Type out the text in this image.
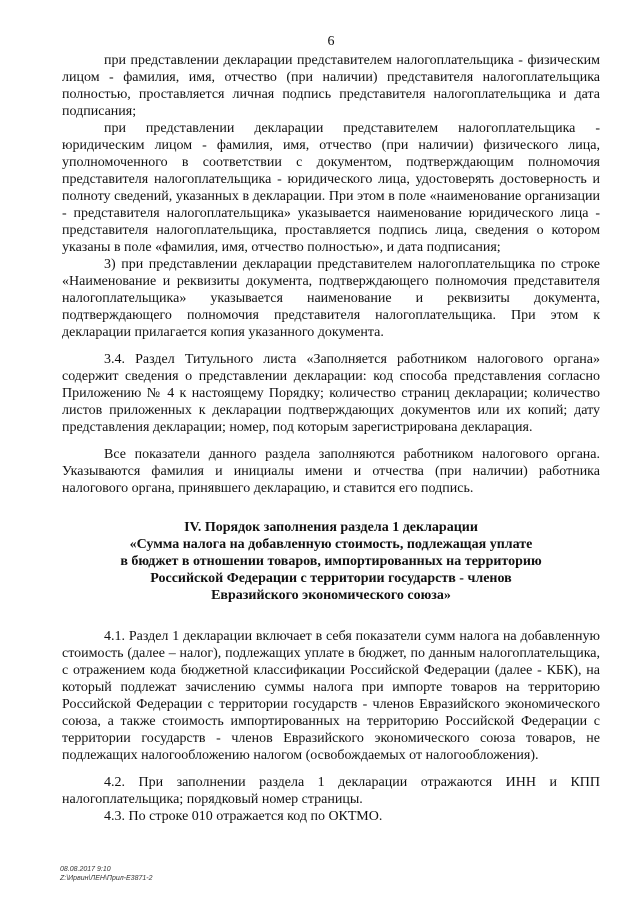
6

при представлении декларации представителем налогоплательщика - физическим лицом - фамилия, имя, отчество (при наличии) представителя налогоплательщика полностью, проставляется личная подпись представителя налогоплательщика и дата подписания;

при представлении декларации представителем налогоплательщика - юридическим лицом - фамилия, имя, отчество (при наличии) физического лица, уполномоченного в соответствии с документом, подтверждающим полномочия представителя налогоплательщика - юридического лица, удостоверять достоверность и полноту сведений, указанных в декларации. При этом в поле «наименование организации - представителя налогоплательщика» указывается наименование юридического лица - представителя налогоплательщика, проставляется подпись лица, сведения о котором указаны в поле «фамилия, имя, отчество полностью», и дата подписания;

3) при представлении декларации представителем налогоплательщика по строке «Наименование и реквизиты документа, подтверждающего полномочия представителя налогоплательщика» указывается наименование и реквизиты документа, подтверждающего полномочия представителя налогоплательщика. При этом к декларации прилагается копия указанного документа.

3.4. Раздел Титульного листа «Заполняется работником налогового органа» содержит сведения о представлении декларации: код способа представления согласно Приложению № 4 к настоящему Порядку; количество страниц декларации; количество листов приложенных к декларации подтверждающих документов или их копий; дату представления декларации; номер, под которым зарегистрирована декларация.

Все показатели данного раздела заполняются работником налогового органа. Указываются фамилия и инициалы имени и отчества (при наличии) работника налогового органа, принявшего декларацию, и ставится его подпись.

IV. Порядок заполнения раздела 1 декларации
«Сумма налога на добавленную стоимость, подлежащая уплате
в бюджет в отношении товаров, импортированных на территорию
Российской Федерации с территории государств - членов
Евразийского экономического союза»

4.1. Раздел 1 декларации включает в себя показатели сумм налога на добавленную стоимость (далее – налог), подлежащих уплате в бюджет, по данным налогоплательщика, с отражением кода бюджетной классификации Российской Федерации (далее - КБК), на который подлежат зачислению суммы налога при импорте товаров на территорию Российской Федерации с территории государств - членов Евразийского экономического союза, а также стоимость импортированных на территорию Российской Федерации с территории государств - членов Евразийского экономического союза товаров, не подлежащих налогообложению налогом (освобождаемых от налогообложения).

4.2. При заполнении раздела 1 декларации отражаются ИНН и КПП налогоплательщика; порядковый номер страницы.

4.3. По строке 010 отражается код по ОКТМО.

08.08.2017 9:10
Z:\Ирвин\ЛЕН\Прил-Е3871-2
